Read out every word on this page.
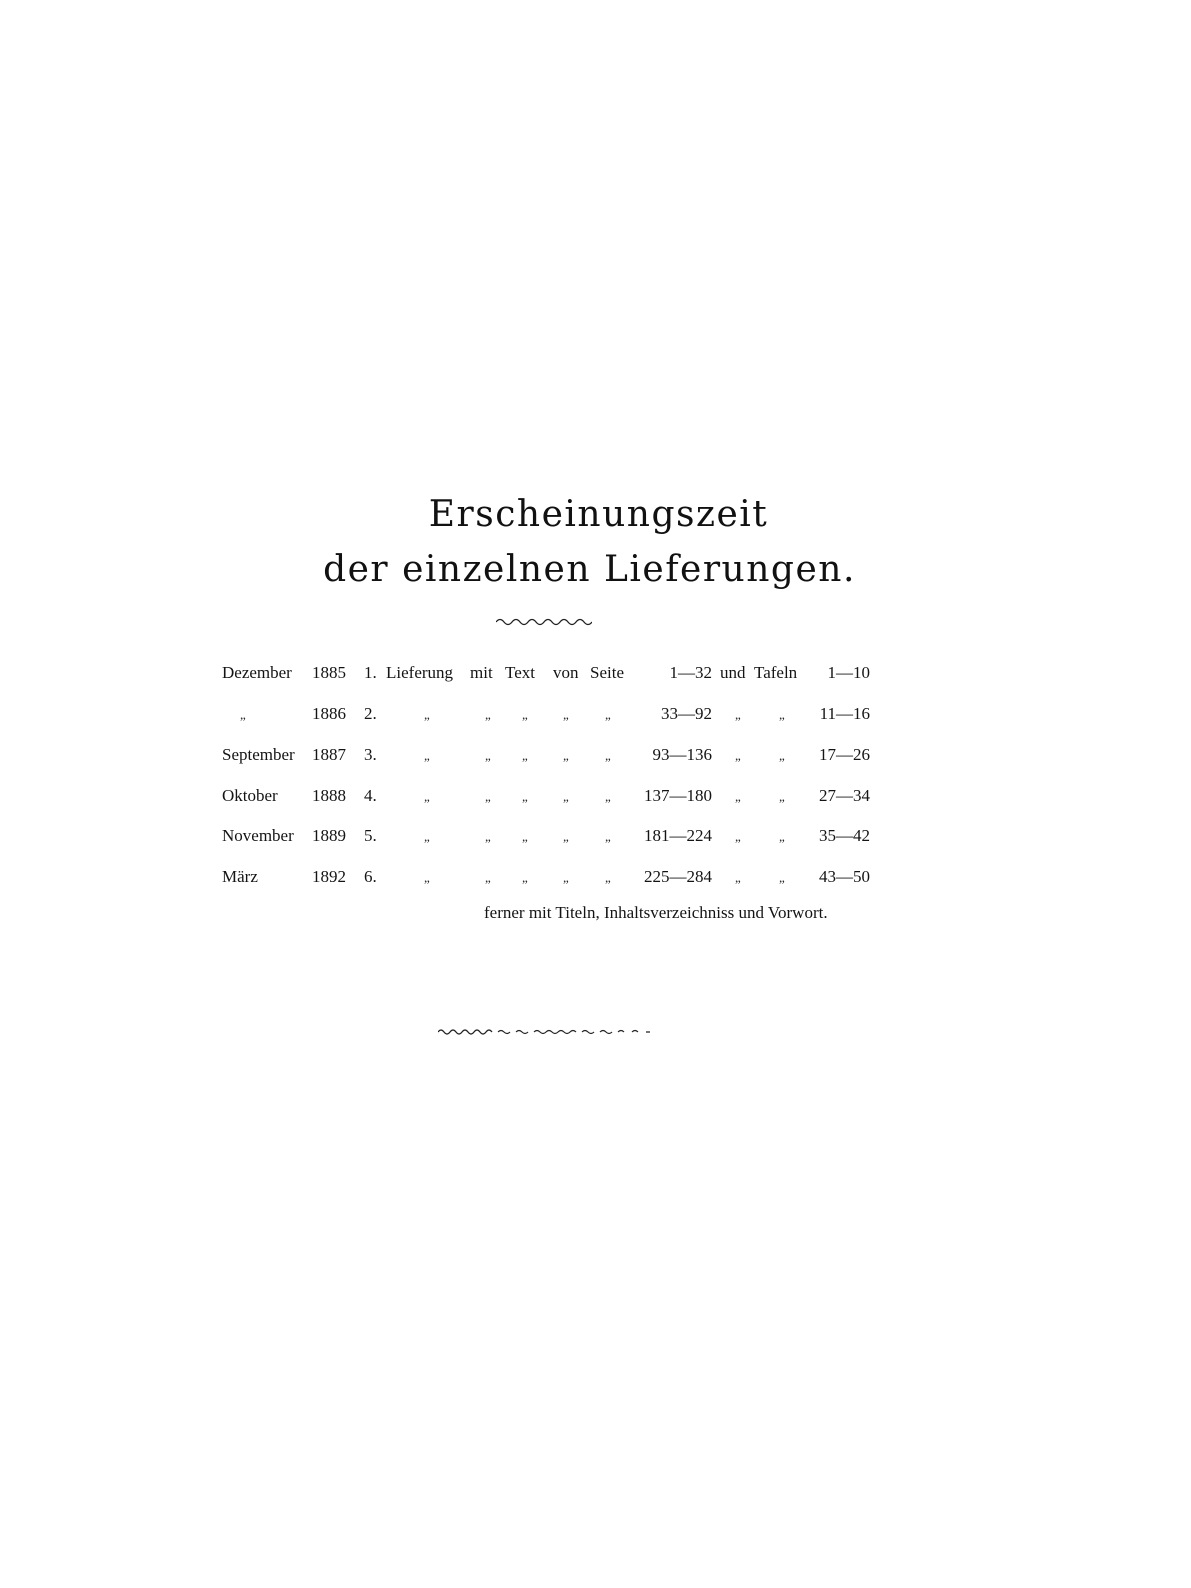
Erscheinungszeit
der einzelnen Lieferungen.
Dezember 1885 1. Lieferung mit Text von Seite	1—32 und Tafeln 1—10
„	1886 2.	„	„ „	„	„	33—92 „	„ 11—16
September 1887 3.	„	„ „	„	„ 93—136 „	„ 17—26
Oktober 1888 4.	„	„ „	„	„ 137—180 „	„ 27—34
November 1889 5.	„	„ „	„	„ 181—224 „	„ 35—42
März	1892 6.	„	„ „	„	„ 225—284 „	„ 43—50
ferner mit Titeln, Inhaltsverzeichniss und Vorwort.
